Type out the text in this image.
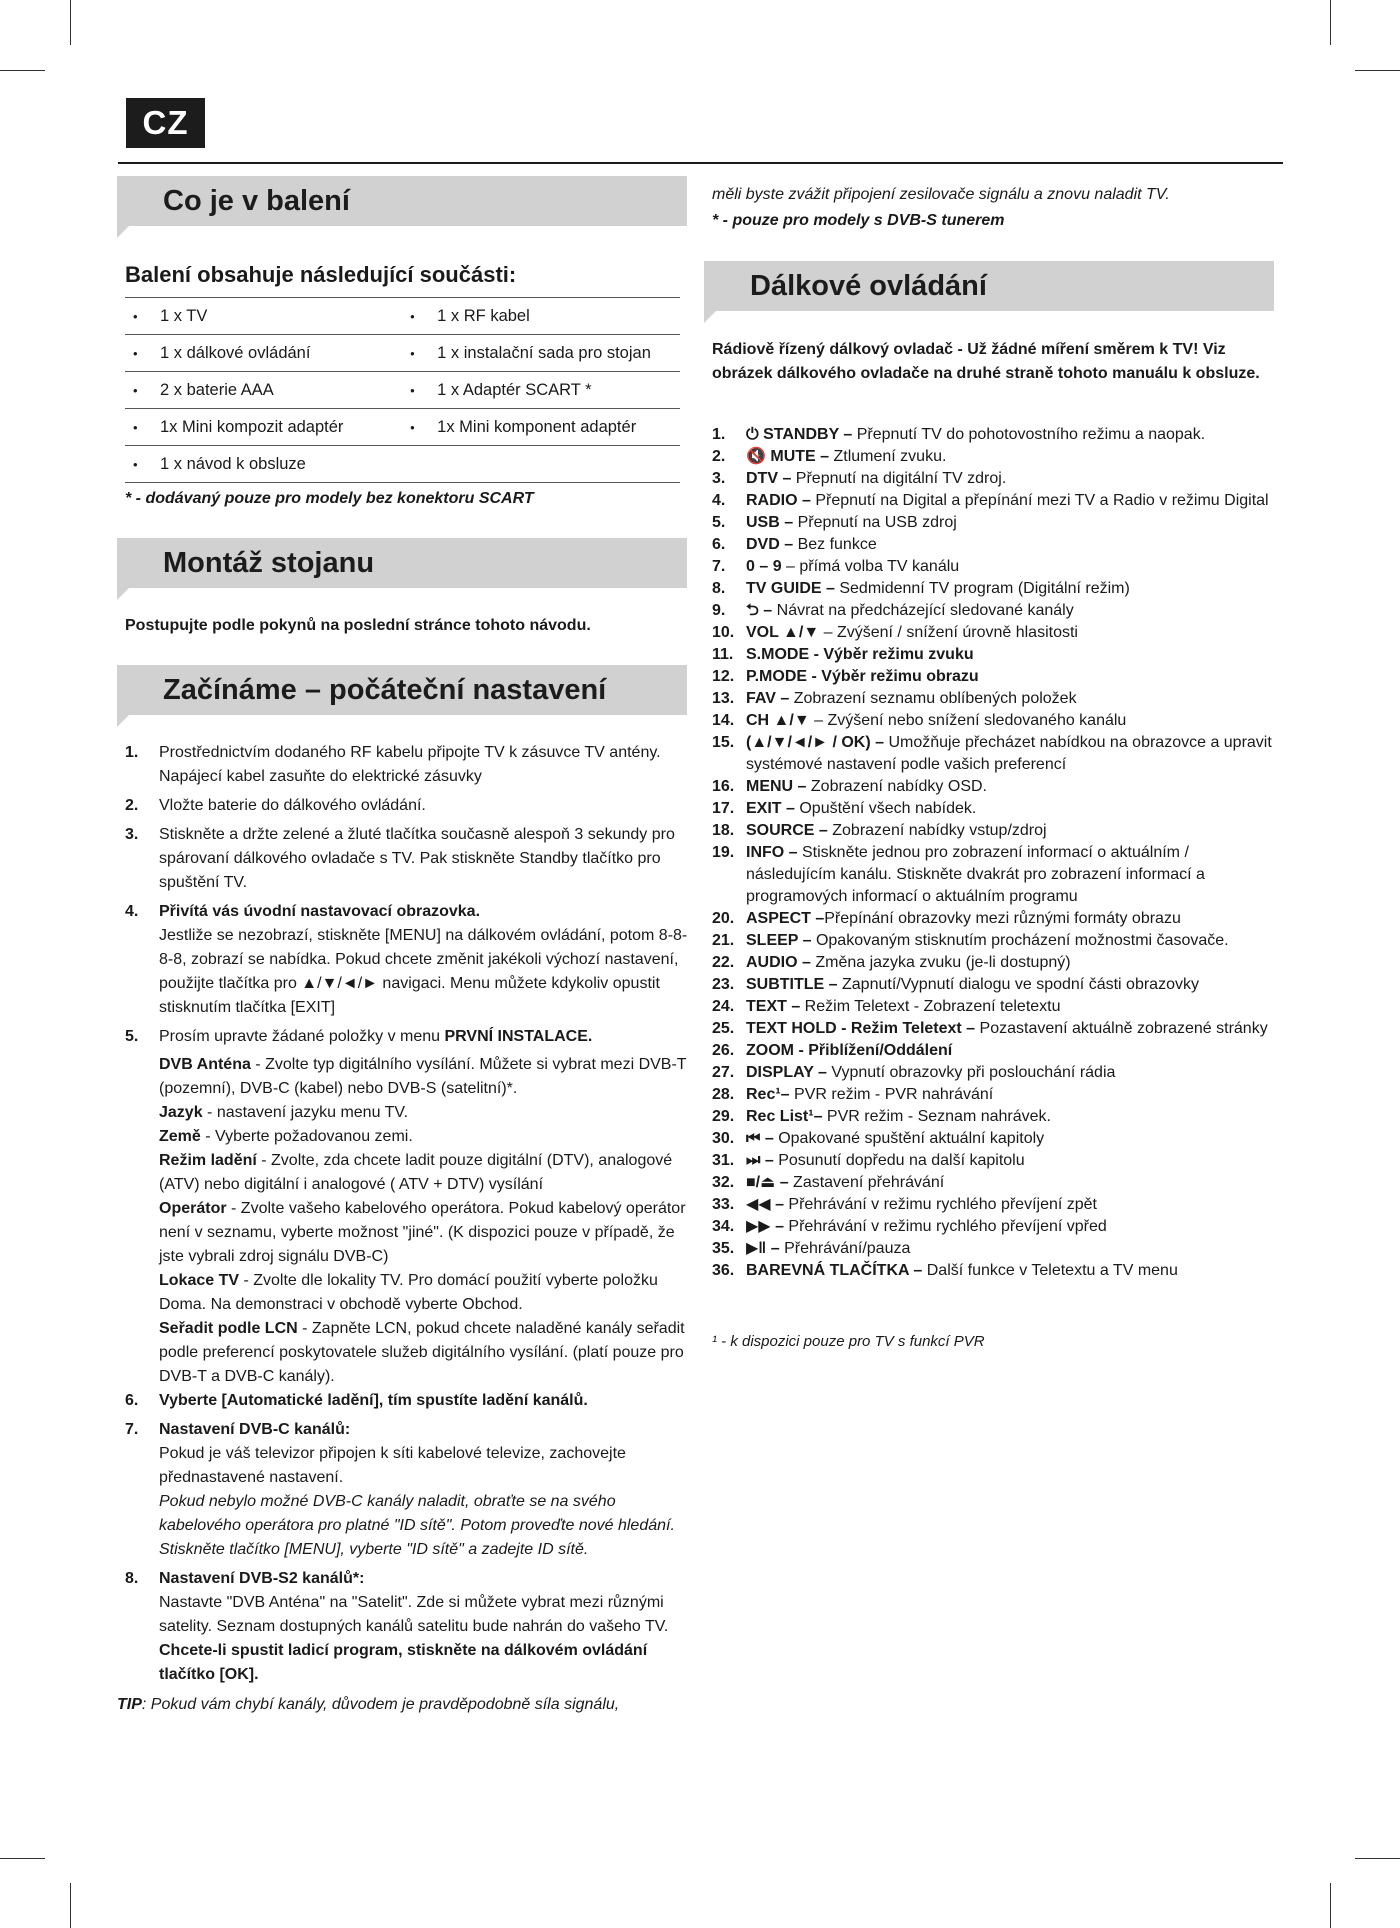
CZ
Co je v balení
Balení obsahuje následující součásti:
•	1 x TV	•	1 x RF kabel
•	1 x dálkové ovládání	•	1 x instalační sada pro stojan
•	2 x baterie AAA	•	1 x Adaptér SCART *
•	1x Mini kompozit adaptér	•	1x Mini komponent adaptér
•	1 x návod k obsluze		
* - dodávaný pouze pro modely bez konektoru SCART
Montáž stojanu
Postupujte podle pokynů na poslední stránce tohoto návodu.
Začínáme – počáteční nastavení
1.	Prostřednictvím dodaného RF kabelu připojte TV k zásuvce TV antény. Napájecí kabel zasuňte do elektrické zásuvky
2.	Vložte baterie do dálkového ovládání.
3.	Stiskněte a držte zelené a žluté tlačítka současně alespoň 3 sekundy pro spárovaní dálkového ovladače s TV. Pak stiskněte Standby tlačítko pro spuštění TV.
4.	Přivítá vás úvodní nastavovací obrazovka.
Jestliže se nezobrazí, stiskněte [MENU] na dálkovém ovládání, potom 8-8-8-8, zobrazí se nabídka. Pokud chcete změnit jakékoli výchozí nastavení, použijte tlačítka pro ▲/▼/◄/► navigaci. Menu můžete kdykoliv opustit stisknutím tlačítka [EXIT]
5.	Prosím upravte žádané položky v menu PRVNÍ INSTALACE.
DVB Anténa - Zvolte typ digitálního vysílání. Můžete si vybrat mezi DVB-T (pozemní), DVB-C (kabel) nebo DVB-S (satelitní)*.
Jazyk - nastavení jazyku menu TV.
Země - Vyberte požadovanou zemi.
Režim ladění - Zvolte, zda chcete ladit pouze digitální (DTV), analogové (ATV) nebo digitální i analogové ( ATV + DTV) vysílání
Operátor - Zvolte vašeho kabelového operátora. Pokud kabelový operátor není v seznamu, vyberte možnost "jiné". (K dispozici pouze v případě, že jste vybrali zdroj signálu DVB-C)
Lokace TV - Zvolte dle lokality TV. Pro domácí použití vyberte položku Doma. Na demonstraci v obchodě vyberte Obchod.
Seřadit podle LCN - Zapněte LCN, pokud chcete naladěné kanály seřadit podle preferencí poskytovatele služeb digitálního vysílání. (platí pouze pro DVB-T a DVB-C kanály).
6.	Vyberte [Automatické ladění], tím spustíte ladění kanálů.
7.	Nastavení DVB-C kanálů:
Pokud je váš televizor připojen k síti kabelové televize, zachovejte přednastavené nastavení.
Pokud nebylo možné DVB-C kanály naladit, obraťte se na svého kabelového operátora pro platné "ID sítě". Potom proveďte nové hledání. Stiskněte tlačítko [MENU], vyberte "ID sítě" a zadejte ID sítě.
8.	Nastavení DVB-S2 kanálů*:
Nastavte "DVB Anténa" na "Satelit". Zde si můžete vybrat mezi různými satelity. Seznam dostupných kanálů satelitu bude nahrán do vašeho TV.
Chcete-li spustit ladicí program, stiskněte na dálkovém ovládání tlačítko [OK].
TIP: Pokud vám chybí kanály, důvodem je pravděpodobně síla signálu,
měli byste zvážit připojení zesilovače signálu a znovu naladit TV.
* - pouze pro modely s DVB-S tunerem
Dálkové ovládání
Rádiově řízený dálkový ovladač - Už žádné míření směrem k TV! Viz obrázek dálkového ovladače na druhé straně tohoto manuálu k obsluze.
1.	⏻ STANDBY – Přepnutí TV do pohotovostního režimu a naopak.
2.	🔇 MUTE – Ztlumení zvuku.
3.	DTV – Přepnutí na digitální TV zdroj.
4.	RADIO – Přepnutí na Digital a přepínání mezi TV a Radio v režimu Digital
5.	USB – Přepnutí na USB zdroj
6.	DVD – Bez funkce
7.	0 – 9 – přímá volba TV kanálu
8.	TV GUIDE – Sedmidenní TV program (Digitální režim)
9.	⮌ – Návrat na předcházející sledované kanály
10. VOL ▲/▼ – Zvýšení / snížení úrovně hlasitosti
11. S.MODE - Výběr režimu zvuku
12. P.MODE - Výběr režimu obrazu
13. FAV – Zobrazení seznamu oblíbených položek
14. CH ▲/▼ – Zvýšení nebo snížení sledovaného kanálu
15. (▲/▼/◄/► / OK) – Umožňuje přecházet nabídkou na obrazovce a upravit systémové nastavení podle vašich preferencí
16. MENU – Zobrazení nabídky OSD.
17. EXIT – Opuštění všech nabídek.
18. SOURCE – Zobrazení nabídky vstup/zdroj
19. INFO – Stiskněte jednou pro zobrazení informací o aktuálním / následujícím kanálu. Stiskněte dvakrát pro zobrazení informací a programových informací o aktuálním programu
20. ASPECT –Přepínání obrazovky mezi různými formáty obrazu
21. SLEEP – Opakovaným stisknutím procházení možnostmi časovače.
22. AUDIO – Změna jazyka zvuku (je-li dostupný)
23. SUBTITLE – Zapnutí/Vypnutí dialogu ve spodní části obrazovky
24. TEXT – Režim Teletext - Zobrazení teletextu
25. TEXT HOLD - Režim Teletext – Pozastavení aktuálně zobrazené stránky
26. ZOOM - Přiblížení/Oddálení
27. DISPLAY – Vypnutí obrazovky při poslouchání rádia
28. Rec¹– PVR režim - PVR nahrávání
29. Rec List¹– PVR režim - Seznam nahrávek.
30. ⏮ – Opakované spuštění aktuální kapitoly
31. ⏭ – Posunutí dopředu na další kapitolu
32. ■/⏏ – Zastavení přehrávání
33. ◀◀ – Přehrávání v režimu rychlého převíjení zpět
34. ▶▶ – Přehrávání v režimu rychlého převíjení vpřed
35. ▶‖ – Přehrávání/pauza
36. BAREVNÁ TLAČÍTKA – Další funkce v Teletextu a TV menu
¹ - k dispozici pouze pro TV s funkcí PVR
